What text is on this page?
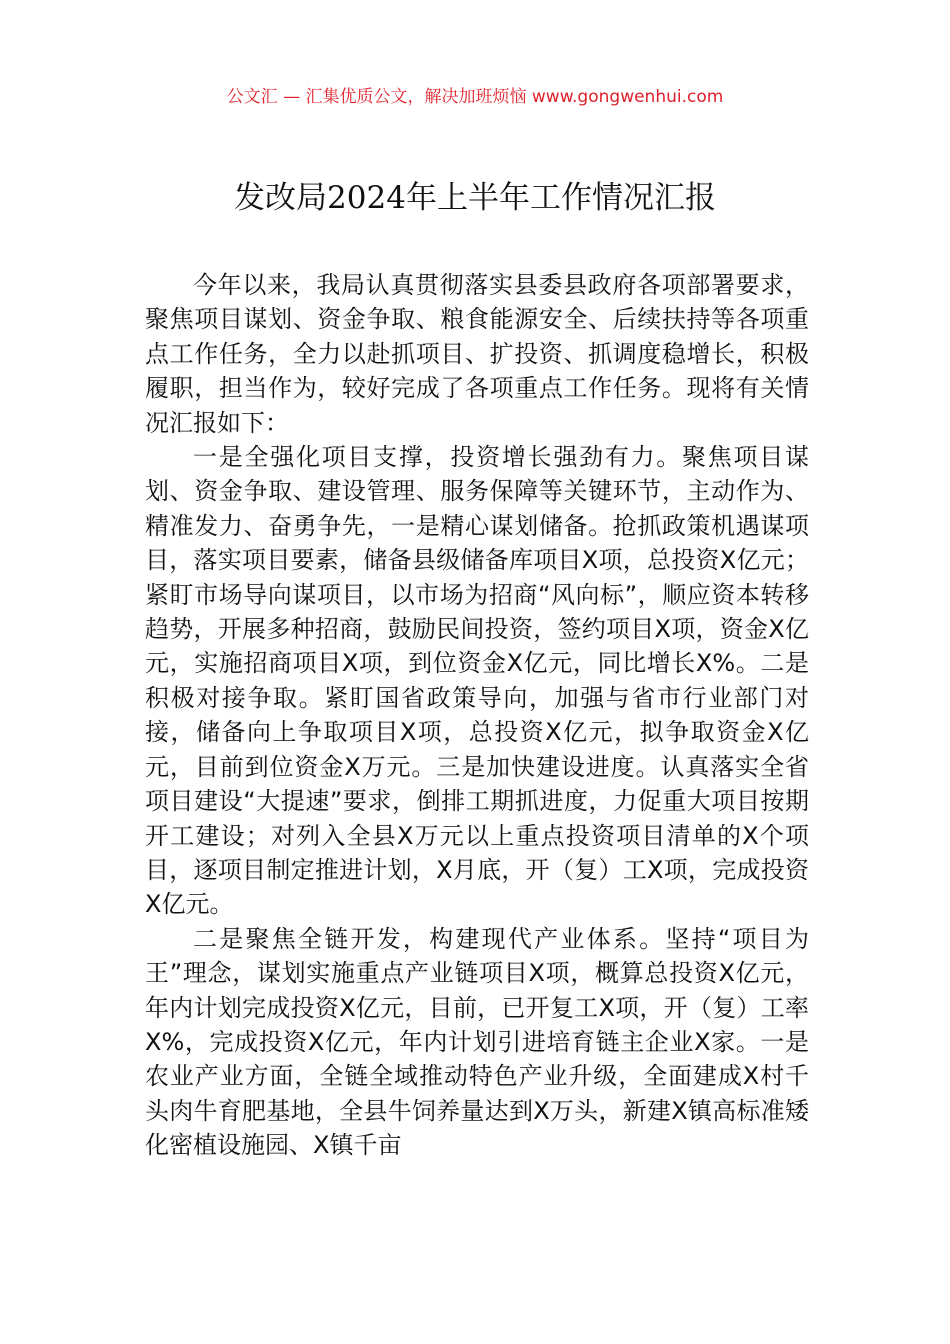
公文汇 — 汇集优质公文，解决加班烦恼 www.gongwenhui.com
发改局2024年上半年工作情况汇报

今年以来，我局认真贯彻落实县委县政府各项部署要求，聚焦项目谋划、资金争取、粮食能源安全、后续扶持等各项重点工作任务，全力以赴抓项目、扩投资、抓调度稳增长，积极履职，担当作为，较好完成了各项重点工作任务。现将有关情况汇报如下：

一是全强化项目支撑，投资增长强劲有力。聚焦项目谋划、资金争取、建设管理、服务保障等关键环节，主动作为、精准发力、奋勇争先，一是精心谋划储备。抢抓政策机遇谋项目，落实项目要素，储备县级储备库项目X项，总投资X亿元；紧盯市场导向谋项目，以市场为招商“风向标”，顺应资本转移趋势，开展多种招商，鼓励民间投资，签约项目X项，资金X亿元，实施招商项目X项，到位资金X亿元，同比增长X%。二是积极对接争取。紧盯国省政策导向，加强与省市行业部门对接，储备向上争取项目X项，总投资X亿元，拟争取资金X亿元，目前到位资金X万元。三是加快建设进度。认真落实全省项目建设“大提速”要求，倒排工期抓进度，力促重大项目按期开工建设；对列入全县X万元以上重点投资项目清单的X个项目，逐项目制定推进计划，X月底，开（复）工X项，完成投资X亿元。

二是聚焦全链开发，构建现代产业体系。坚持“项目为王”理念，谋划实施重点产业链项目X项，概算总投资X亿元，年内计划完成投资X亿元，目前，已开复工X项，开（复）工率X%，完成投资X亿元，年内计划引进培育链主企业X家。一是农业产业方面，全链全域推动特色产业升级，全面建成X村千头肉牛育肥基地，全县牛饲养量达到X万头，新建X镇高标准矮化密植设施园、X镇千亩
